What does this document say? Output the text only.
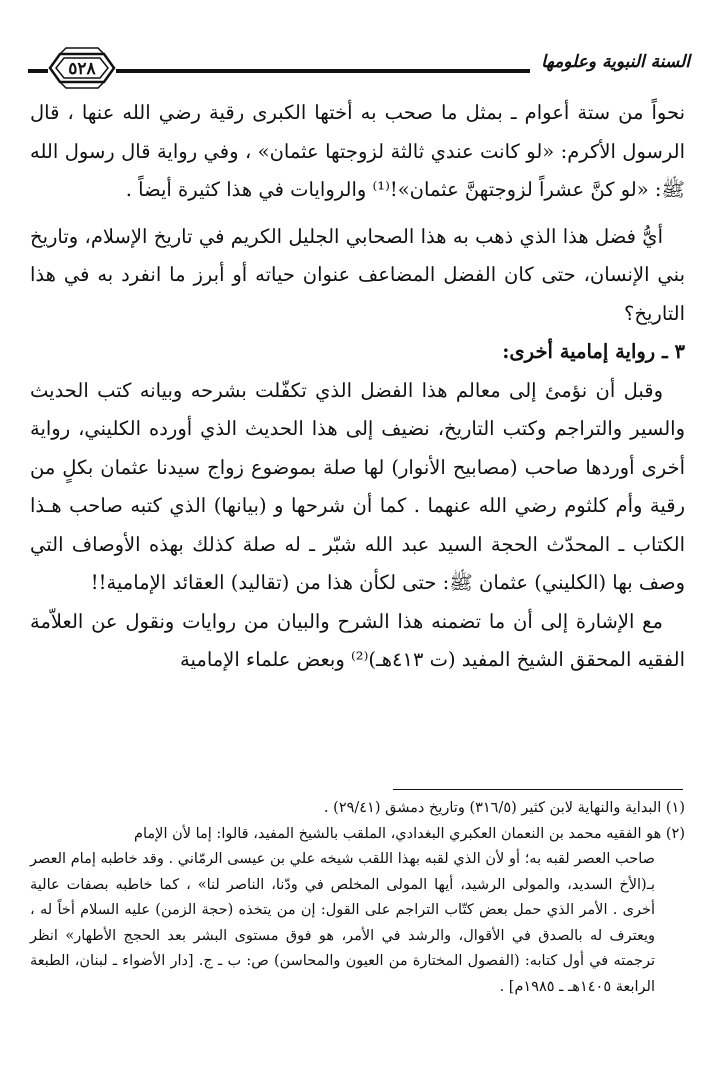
السنة النبوية وعلومها
٥٢٨

نحواً من ستة أعوام ـ بمثل ما صحب به أختها الكبرى رقية رضي الله عنها ، قال الرسول الأكرم: «لو كانت عندي ثالثة لزوجتها عثمان» ، وفي رواية قال رسول الله ﷺ: «لو كنَّ عشراً لزوجتهنَّ عثمان»!⁽¹⁾ والروايات في هذا كثيرة أيضاً .

أيُّ فضل هذا الذي ذهب به هذا الصحابي الجليل الكريم في تاريخ الإسلام، وتاريخ بني الإنسان، حتى كان الفضل المضاعف عنوان حياته أو أبرز ما انفرد به في هذا التاريخ؟

٣ ـ رواية إمامية أخرى:

وقبل أن نؤمئ إلى معالم هذا الفضل الذي تكفّلت بشرحه وبيانه كتب الحديث والسير والتراجم وكتب التاريخ، نضيف إلى هذا الحديث الذي أورده الكليني، رواية أخرى أوردها صاحب (مصابيح الأنوار) لها صلة بموضوع زواج سيدنا عثمان بكلٍ من رقية وأم كلثوم رضي الله عنهما . كما أن شرحها و (بيانها) الذي كتبه صاحب هـذا الكتاب ـ المحدّث الحجة السيد عبد الله شبّر ـ له صلة كذلك بهذه الأوصاف التي وصف بها (الكليني) عثمان ﷺ: حتى لكأن هذا من (تقاليد) العقائد الإمامية!!

مع الإشارة إلى أن ما تضمنه هذا الشرح والبيان من روايات ونقول عن العلاّمة الفقيه المحقق الشيخ المفيد (ت ٤١٣هـ)⁽²⁾ وبعض علماء الإمامية

(١) البداية والنهاية لابن كثير (٣١٦/٥) وتاريخ دمشق (٢٩/٤١) .

(٢) هو الفقيه محمد بن النعمان العكبري البغدادي، الملقب بالشيخ المفيد، قالوا: إما لأن الإمام

صاحب العصر لقبه به؛ أو لأن الذي لقبه بهذا اللقب شيخه علي بن عيسى الرمّاني . وقد خاطبه إمام العصر بـ(الأخ السديد، والمولى الرشيد، أيها المولى المخلص في ودّنا، الناصر لنا» ، كما خاطبه بصفات عالية أخرى . الأمر الذي حمل بعض كتّاب التراجم على القول: إن من يتخذه (حجة الزمن) عليه السلام أخاً له ، ويعترف له بالصدق في الأقوال، والرشد في الأمر، هو فوق مستوى البشر بعد الحجج الأطهار» انظر ترجمته في أول كتابه: (الفصول المختارة من العيون والمحاسن) ص: ب ـ ج. [دار الأضواء ـ لبنان، الطبعة الرابعة ١٤٠٥هـ ـ ١٩٨٥م] .
